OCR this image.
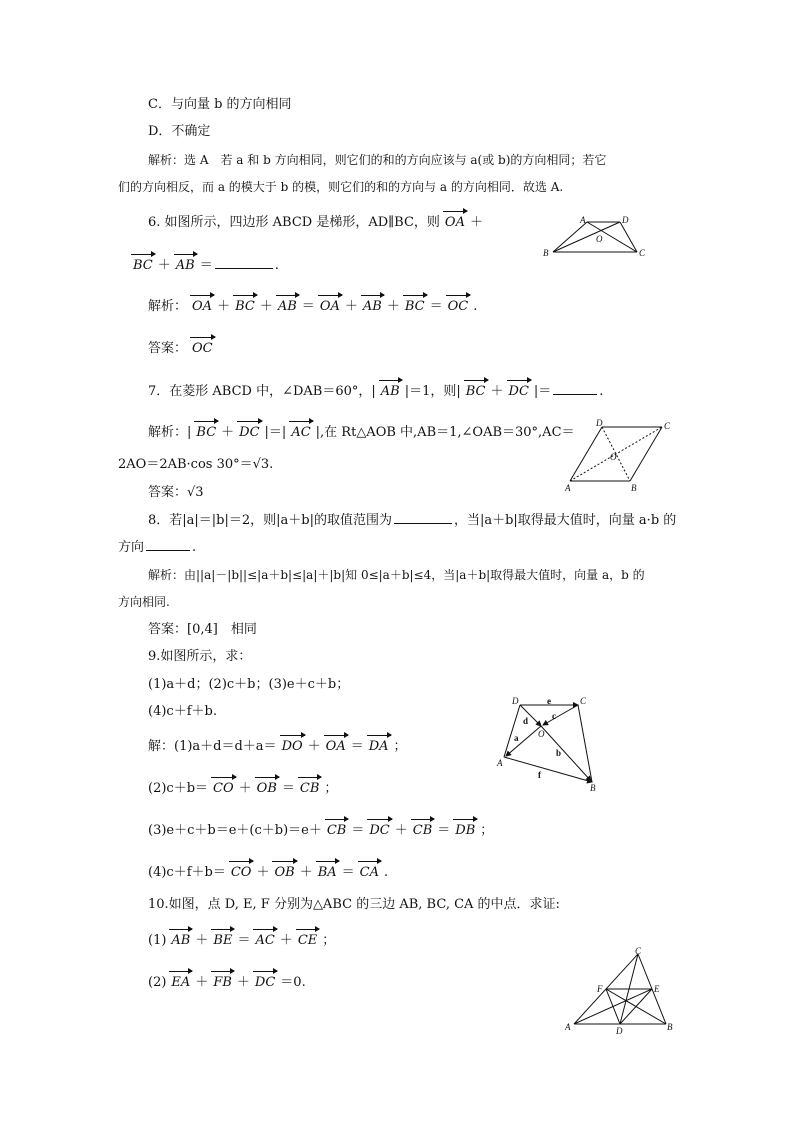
C．与向量 b 的方向相同
D．不确定
解析：选 A　若 a 和 b 方向相同，则它们的和的方向应该与 a(或 b)的方向相同；若它
们的方向相反，而 a 的模大于 b 的模，则它们的和的方向与 a 的方向相同．故选 A.
6. 如图所示，四边形 ABCD 是梯形，AD∥BC，则 OA ＋
BC ＋ AB ＝	.
A	D
O
B	C
解析： OA ＋ BC ＋ AB ＝ OA ＋ AB ＋ BC ＝ OC .
答案： OC
7．在菱形 ABCD 中，∠DAB＝60°，| AB |＝1，则| BC ＋ DC |＝	.
解析：| BC ＋ DC |＝| AC |,在 Rt△AOB 中,AB＝1,∠OAB＝30°,AC＝
2AO＝2AB·cos 30°＝√3.
答案：√3
D	C
O
A	B
8．若|a|＝|b|＝2，则|a＋b|的取值范围为	，当|a＋b|取得最大值时，向量 a·b 的
方向	.
解析：由||a|－|b||≤|a＋b|≤|a|＋|b|知 0≤|a＋b|≤4，当|a＋b|取得最大值时，向量 a，b 的
方向相同.
答案：[0,4]　相同
9.如图所示，求：
(1)a＋d；(2)c＋b；(3)e＋c＋b；
(4)c＋f＋b.
解：(1)a＋d＝d＋a＝ DO ＋ OA ＝ DA ；
(2)c＋b＝ CO ＋ OB ＝ CB ；
(3)e＋c＋b＝e＋(c＋b)＝e＋ CB ＝ DC ＋ CB ＝ DB ；
(4)c＋f＋b＝ CO ＋ OB ＋ BA ＝ CA .
D	e	C
d	c
O
a
b
A
f
B
10.如图，点 D, E, F 分别为△ABC 的三边 AB, BC, CA 的中点．求证:
(1) AB ＋ BE ＝ AC ＋ CE ；
(2) EA ＋ FB ＋ DC ＝0.
C
F	E
A	D	B
